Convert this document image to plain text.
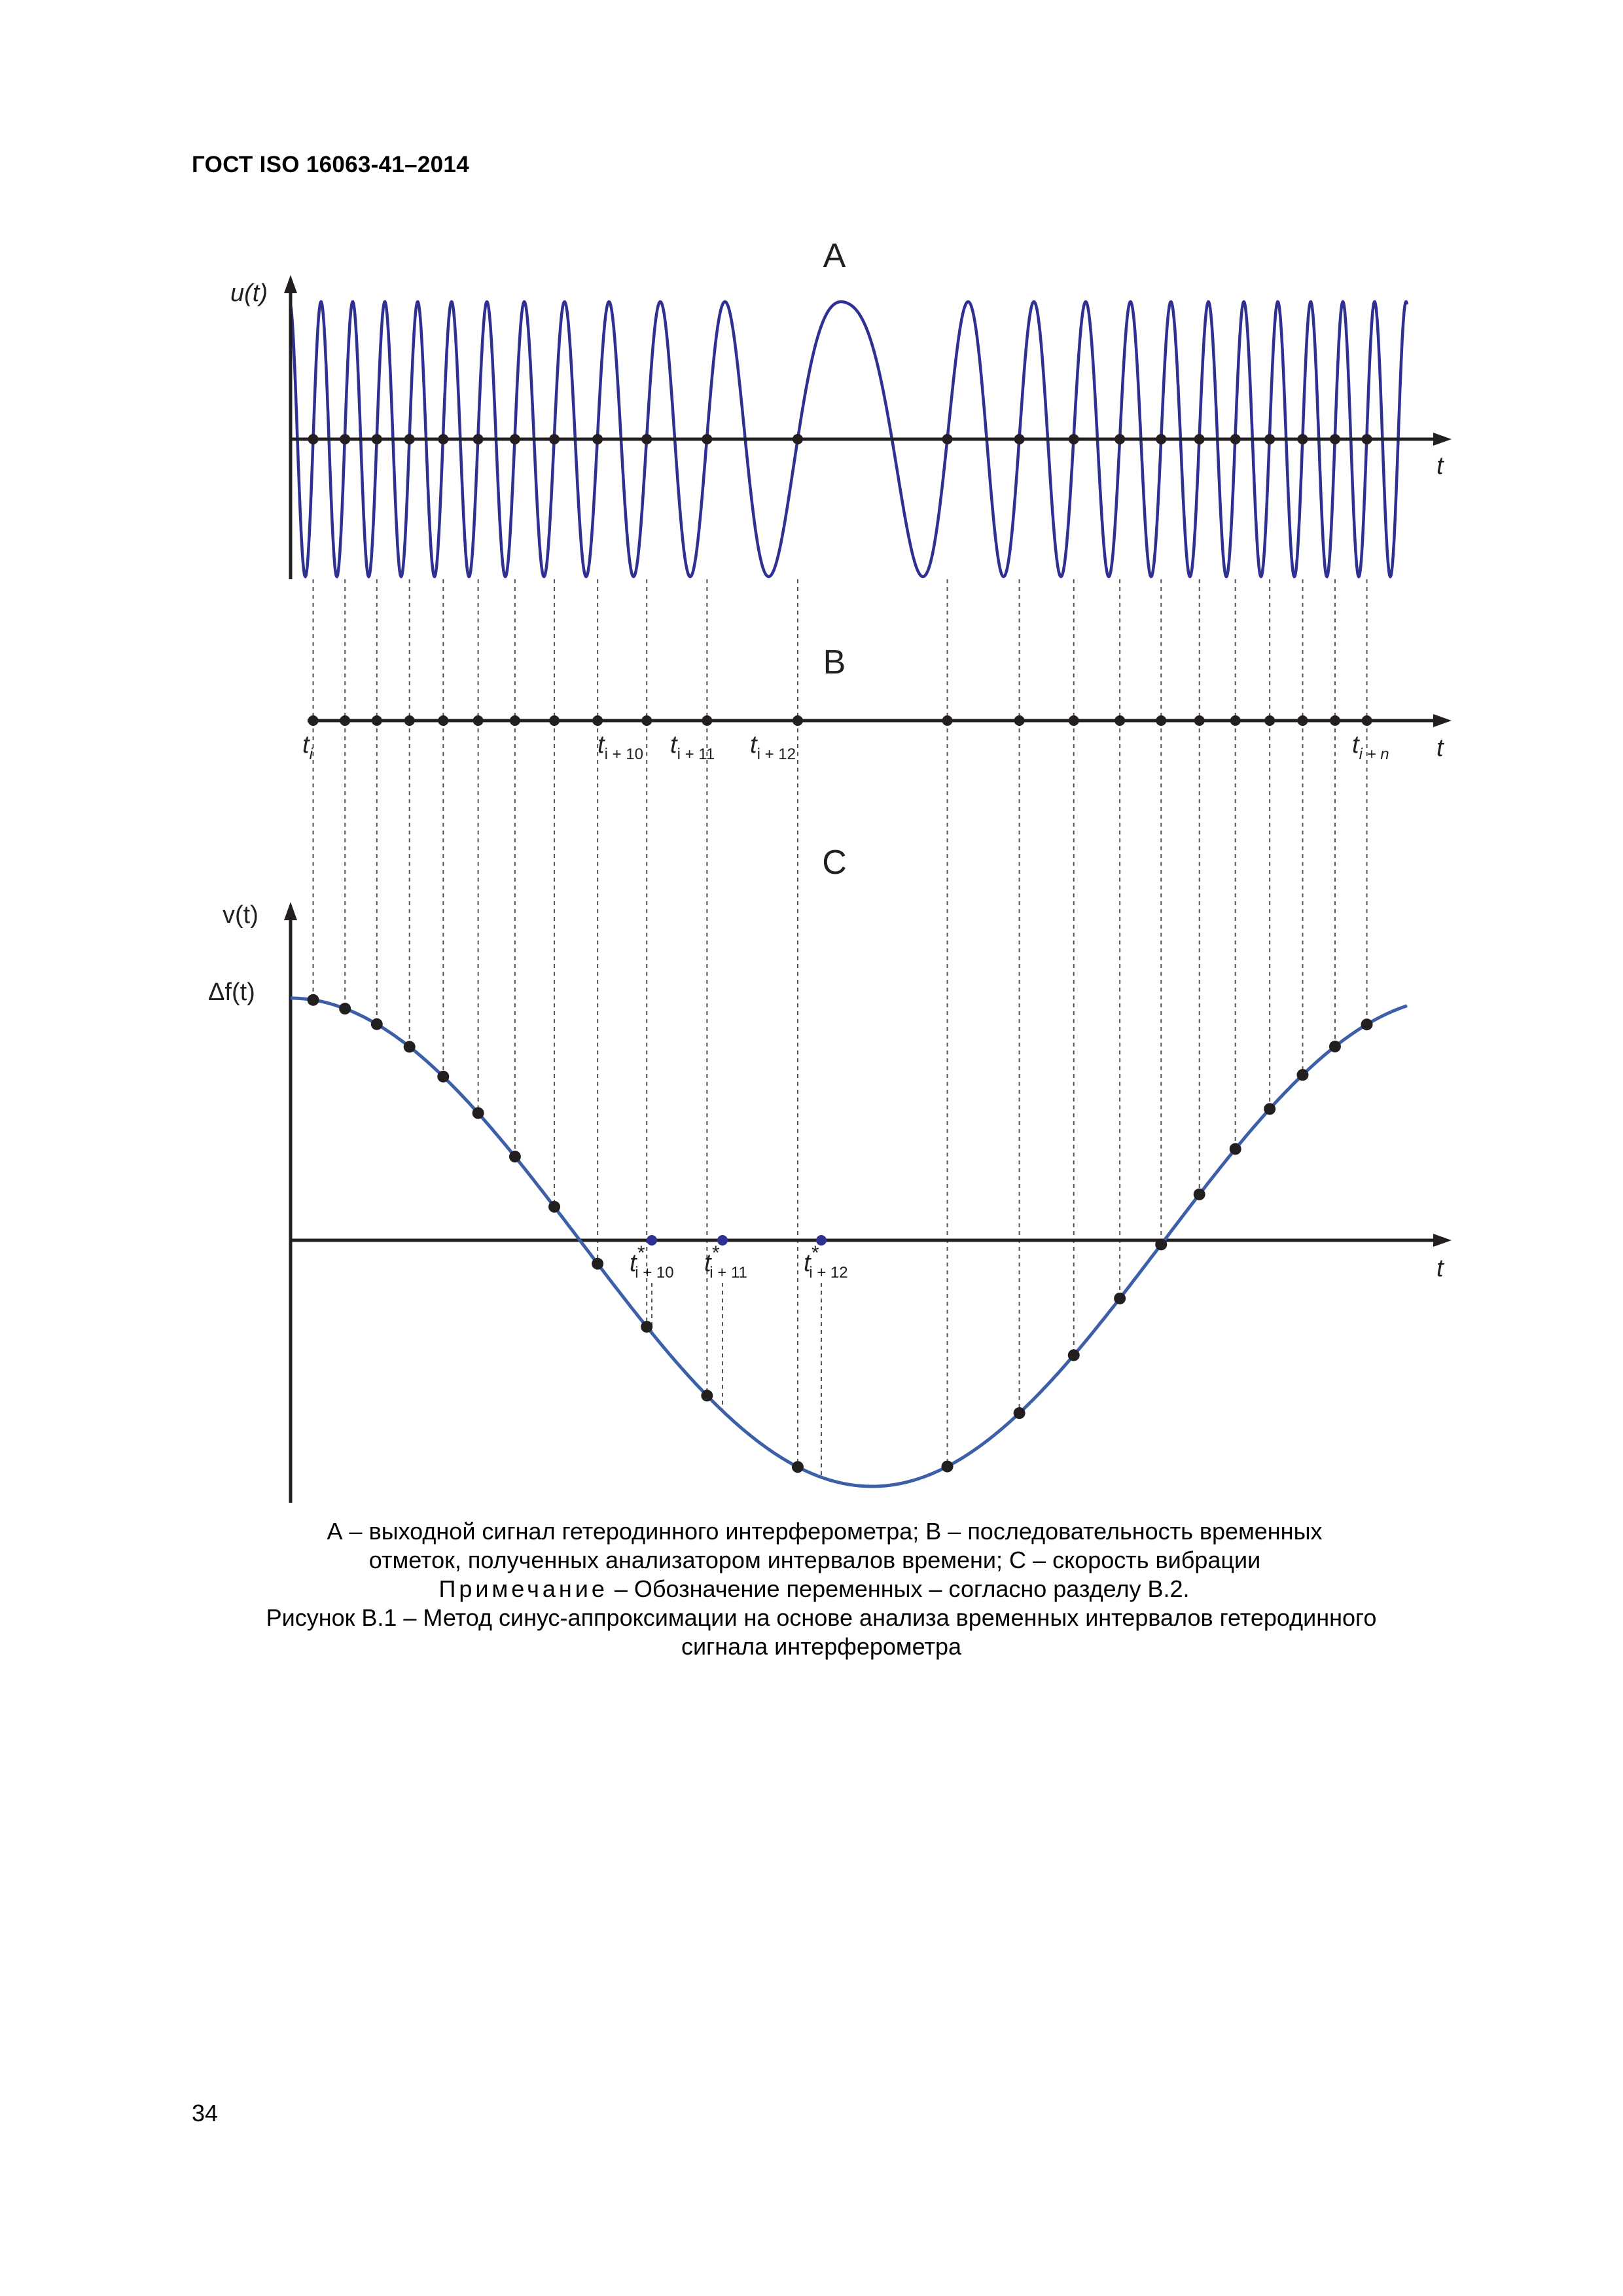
ГОСТ ISO 16063-41–2014
A
u(t)
t
B
t
$t_i$	$t_{i + 10}$ $t_{i + 11}$ $t_{i + 12}$	$t_{i + n}$
C
v(t)
Δf(t)
t
t* i + 10 t* i + 11 t* i + 12
А – выходной сигнал гетеродинного интерферометра; В – последовательность временных
отметок, полученных анализатором интервалов времени; С – скорость вибрации
Примечание – Обозначение переменных – согласно разделу В.2.
Рисунок В.1 – Метод синус-аппроксимации на основе анализа временных интервалов гетеродинного
сигнала интерферометра
34
